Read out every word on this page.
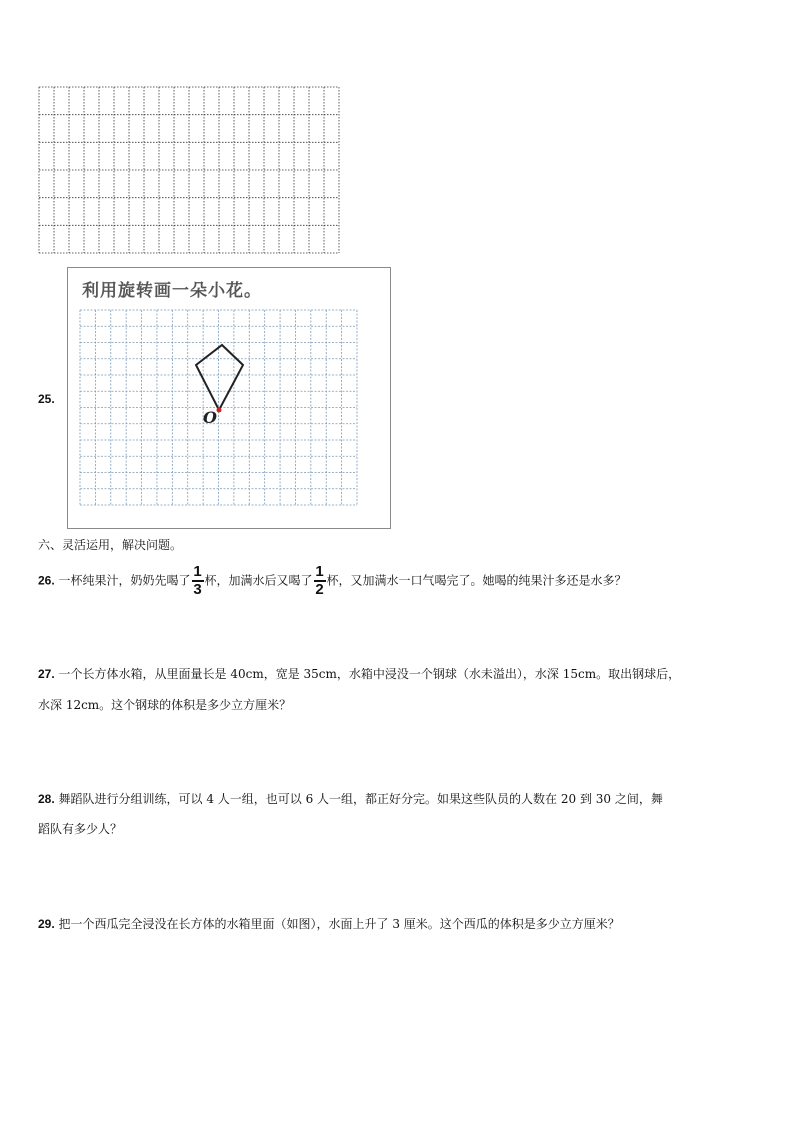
25.
利用旋转画一朵小花。
O
六、灵活运用，解决问题。
26. 一杯纯果汁，奶奶先喝了 $\frac{1}{3}$ 杯，加满水后又喝了 $\frac{1}{2}$ 杯，又加满水一口气喝完了。她喝的纯果汁多还是水多？
27. 一个长方体水箱，从里面量长是 40cm，宽是 35cm，水箱中浸没一个钢球（水未溢出），水深 15cm。取出钢球后，
水深 12cm。这个钢球的体积是多少立方厘米？
28. 舞蹈队进行分组训练，可以 4 人一组，也可以 6 人一组，都正好分完。如果这些队员的人数在 20 到 30 之间，舞
蹈队有多少人？
29. 把一个西瓜完全浸没在长方体的水箱里面（如图），水面上升了 3 厘米。这个西瓜的体积是多少立方厘米？
